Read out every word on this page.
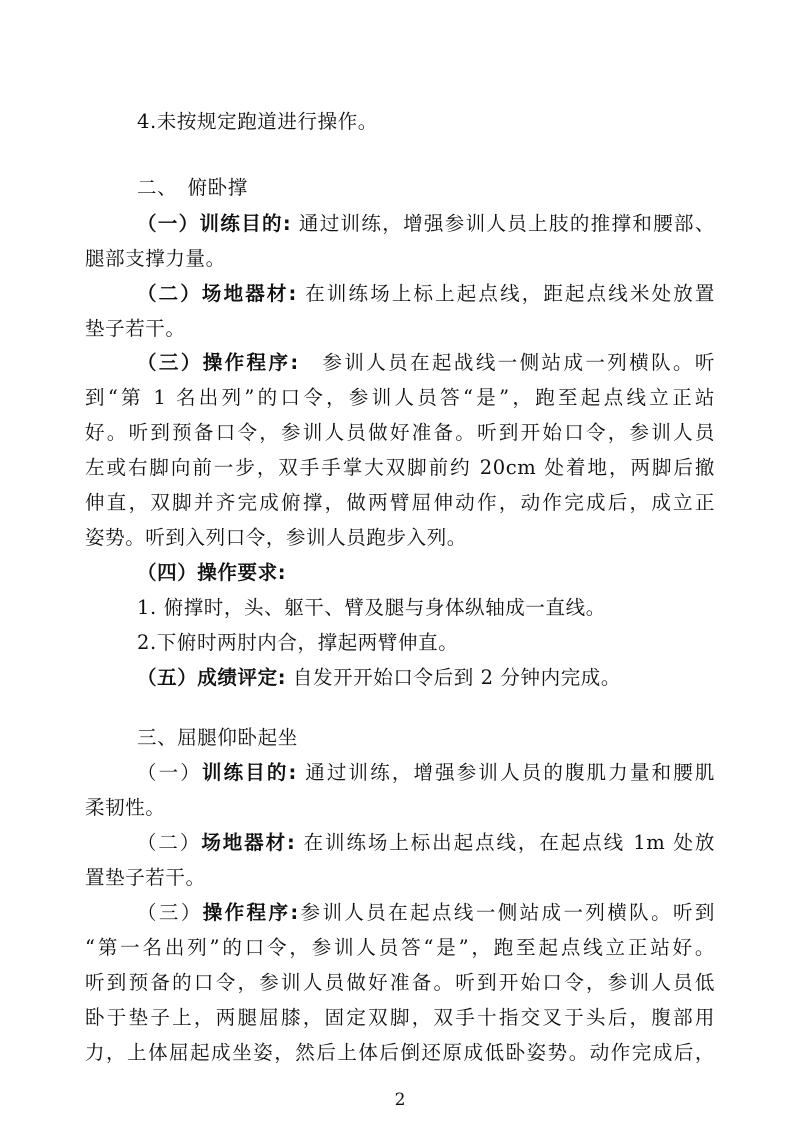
4.未按规定跑道进行操作。
二、　俯卧撑
（一）训练目的: 通过训练，增强参训人员上肢的推撑和腰部、
腿部支撑力量。
（二）场地器材: 在训练场上标上起点线，距起点线米处放置
垫子若干。
（三）操作程序:　参训人员在起战线一侧站成一列横队。听
到“第 1 名出列”的口令，参训人员答“是”，跑至起点线立正站
好。听到预备口令，参训人员做好准备。听到开始口令，参训人员
左或右脚向前一步，双手手掌大双脚前约 20cm 处着地，两脚后撤
伸直，双脚并齐完成俯撑，做两臂屈伸动作，动作完成后，成立正
姿势。听到入列口令，参训人员跑步入列。
（四）操作要求:
1. 俯撑时，头、躯干、臂及腿与身体纵轴成一直线。
2.下俯时两肘内合，撑起两臂伸直。
（五）成绩评定: 自发开开始口令后到 2 分钟内完成。
三、屈腿仰卧起坐
（一）训练目的: 通过训练，增强参训人员的腹肌力量和腰肌
柔韧性。
（二）场地器材: 在训练场上标出起点线，在起点线 1m 处放
置垫子若干。
（三）操作程序:参训人员在起点线一侧站成一列横队。听到
“第一名出列”的口令，参训人员答“是”，跑至起点线立正站好。
听到预备的口令，参训人员做好准备。听到开始口令，参训人员低
卧于垫子上，两腿屈膝，固定双脚，双手十指交叉于头后，腹部用
力，上体屈起成坐姿，然后上体后倒还原成低卧姿势。动作完成后，
2
